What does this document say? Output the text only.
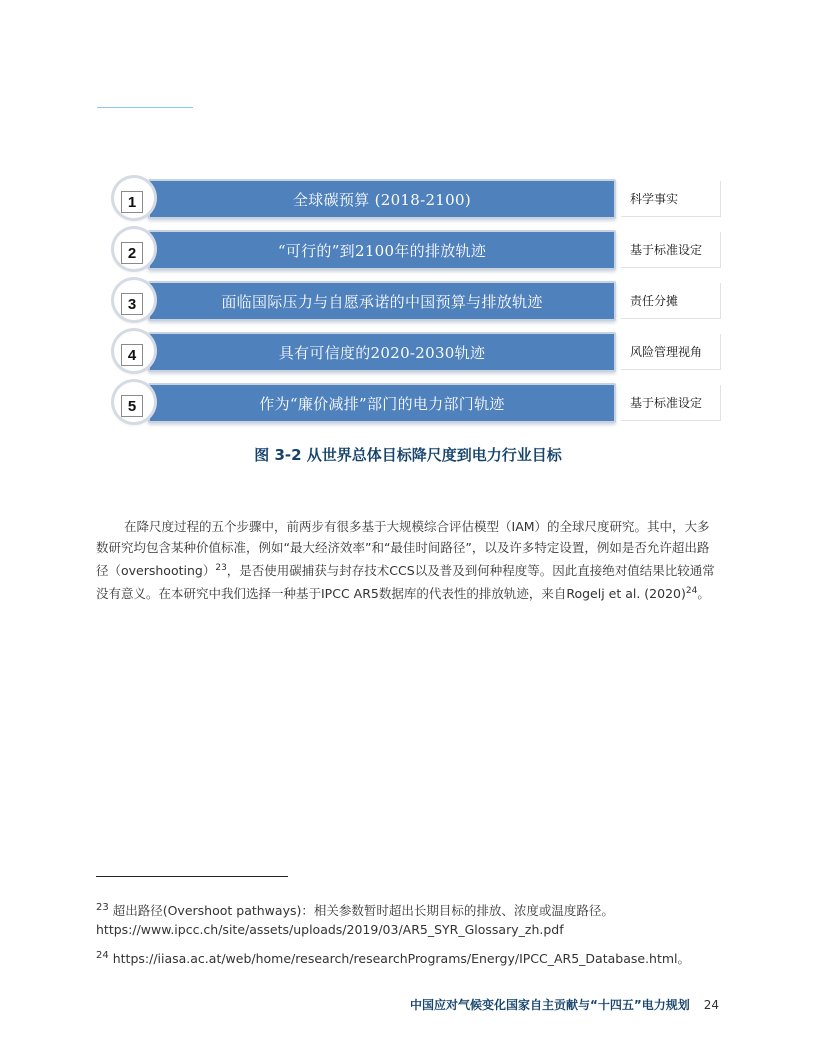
全球碳预算 (2018-2100)
1	科学事实
“可行的”到2100年的排放轨迹
2	基于标准设定
面临国际压力与自愿承诺的中国预算与排放轨迹
3	责任分摊
具有可信度的2020-2030轨迹
4	风险管理视角
作为“廉价减排”部门的电力部门轨迹
5	基于标准设定
图 3-2 从世界总体目标降尺度到电力行业目标

在降尺度过程的五个步骤中，前两步有很多基于大规模综合评估模型（IAM）的全球尺度研究。其中，大多数研究均包含某种价值标准，例如“最大经济效率”和“最佳时间路径”，以及许多特定设置，例如是否允许超出路径（overshooting）$^{23}$，是否使用碳捕获与封存技术CCS以及普及到何种程度等。因此直接绝对值结果比较通常没有意义。在本研究中我们选择一种基于IPCC AR5数据库的代表性的排放轨迹，来自Rogelj et al. $(2020)^{24}$。

$^{23}$ 超出路径(Overshoot pathways)：相关参数暂时超出长期目标的排放、浓度或温度路径。
https://www.ipcc.ch/site/assets/uploads/2019/03/AR5_SYR_Glossary_zh.pdf
$^{24}$ https://iiasa.ac.at/web/home/research/researchPrograms/Energy/IPCC_AR5_Database.html。
中国应对气候变化国家自主贡献与“十四五”电力规划 24
